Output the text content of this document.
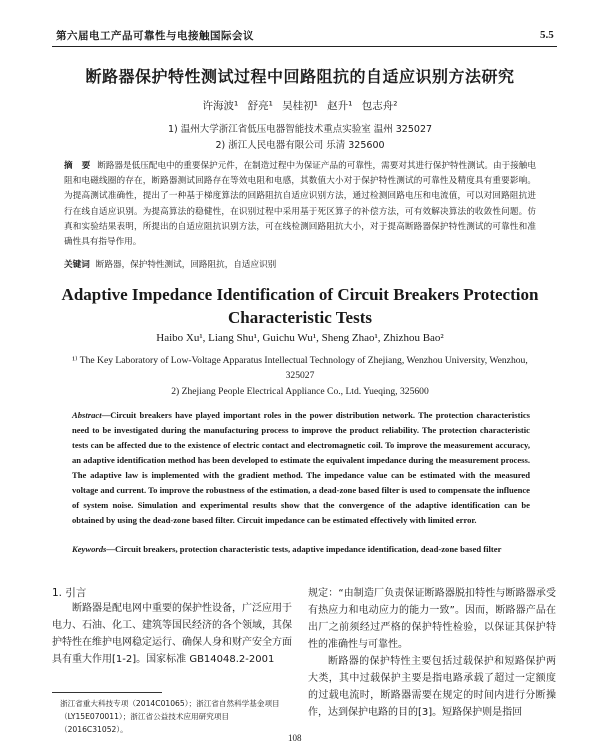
第六届电工产品可靠性与电接触国际会议	5.5
断路器保护特性测试过程中回路阻抗的自适应识别方法研究
许海波¹ 舒亮¹ 吴桂初¹ 赵升¹ 包志舟²
1) 温州大学浙江省低压电器智能技术重点实验室 温州 325027
2) 浙江人民电器有限公司 乐清 325600
摘 要 断路器是低压配电中的重要保护元件，在制造过程中为保证产品的可靠性，需要对其进行保护特性测试。由于接触电阻和电磁线圈的存在，断路器测试回路存在等效电阻和电感，其数值大小对于保护特性测试的可靠性及精度具有重要影响。为提高测试准确性，提出了一种基于梯度算法的回路阻抗自适应识别方法，通过检测回路电压和电流值，可以对回路阻抗进行在线自适应识别。为提高算法的稳健性，在识别过程中采用基于死区算子的补偿方法，可有效解决算法的收敛性问题。仿真和实验结果表明，所提出的自适应阻抗识别方法，可在线检测回路阻抗大小，对于提高断路器保护特性测试的可靠性和准确性具有指导作用。
关键词 断路器，保护特性测试，回路阻抗，自适应识别
Adaptive Impedance Identification of Circuit Breakers Protection
Characteristic Tests
Haibo Xu¹, Liang Shu¹, Guichu Wu¹, Sheng Zhao¹, Zhizhou Bao²
¹⁾ The Key Laboratory of Low-Voltage Apparatus Intellectual Technology of Zhejiang, Wenzhou University, Wenzhou, 325027
2) Zhejiang People Electrical Appliance Co., Ltd. Yueqing, 325600
Abstract—Circuit breakers have played important roles in the power distribution network. The protection characteristics need to be investigated during the manufacturing process to improve the product reliability. The protection characteristic tests can be affected due to the existence of electric contact and electromagnetic coil. To improve the measurement accuracy, an adaptive identification method has been developed to estimate the equivalent impedance during the measurement process. The adaptive law is implemented with the gradient method. The impedance value can be estimated with the measured voltage and current. To improve the robustness of the estimation, a dead-zone based filter is used to compensate the influence of system noise. Simulation and experimental results show that the convergence of the adaptive identification can be obtained by using the dead-zone based filter. Circuit impedance can be estimated effectively with limited error.
Keywords—Circuit breakers, protection characteristic tests, adaptive impedance identification, dead-zone based filter
1. 引言
断路器是配电网中重要的保护性设备，广泛应用于电力、石油、化工、建筑等国民经济的各个领域，其保护特性在维护电网稳定运行、确保人身和财产安全方面具有重大作用[1-2]。国家标准 GB14048.2-2001
规定：“由制造厂负责保证断路器脱扣特性与断路器承受有热应力和电动应力的能力一致”。因而，断路器产品在出厂之前须经过严格的保护特性检验，以保证其保护特性的准确性与可靠性。
断路器的保护特性主要包括过载保护和短路保护两大类，其中过载保护主要是指电路承载了超过一定额度的过载电流时，断路器需要在规定的时间内进行分断操作，达到保护电路的目的[3]。短路保护则是指回
浙江省重大科技专项（2014C01065）；浙江省自然科学基金项目（LY15E070011）；浙江省公益技术应用研究项目（2016C31052）。
108
